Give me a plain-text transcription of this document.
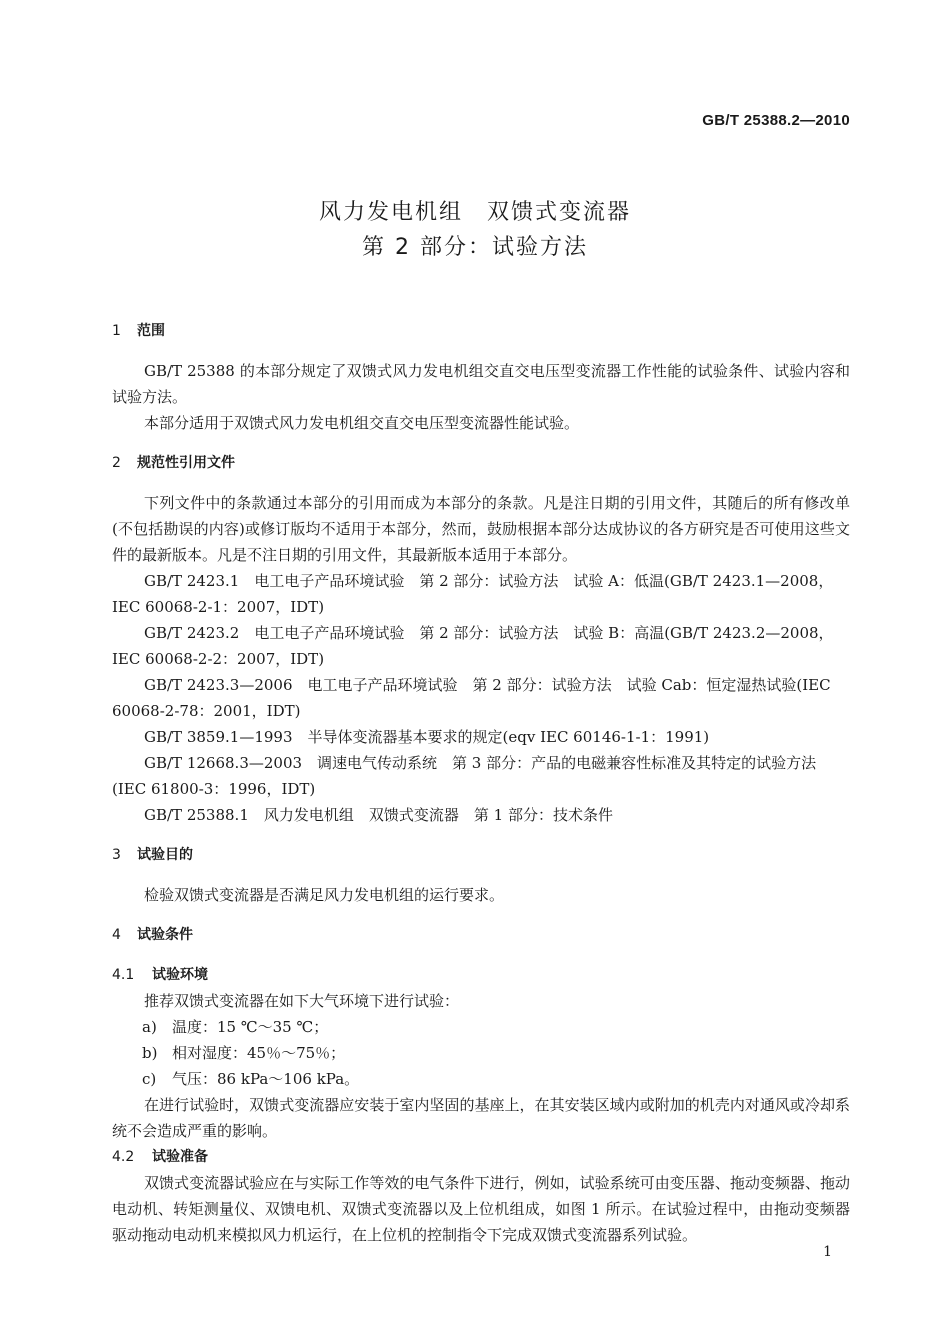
GB/T 25388.2—2010
风力发电机组　双馈式变流器
第 2 部分：试验方法
1 范围

GB/T 25388 的本部分规定了双馈式风力发电机组交直交电压型变流器工作性能的试验条件、试验内容和试验方法。

本部分适用于双馈式风力发电机组交直交电压型变流器性能试验。

2 规范性引用文件

下列文件中的条款通过本部分的引用而成为本部分的条款。凡是注日期的引用文件，其随后的所有修改单(不包括勘误的内容)或修订版均不适用于本部分，然而，鼓励根据本部分达成协议的各方研究是否可使用这些文件的最新版本。凡是不注日期的引用文件，其最新版本适用于本部分。

GB/T 2423.1　电工电子产品环境试验　第 2 部分：试验方法　试验 A：低温(GB/T 2423.1—2008，IEC 60068-2-1：2007，IDT)

GB/T 2423.2　电工电子产品环境试验　第 2 部分：试验方法　试验 B：高温(GB/T 2423.2—2008，IEC 60068-2-2：2007，IDT)

GB/T 2423.3—2006　电工电子产品环境试验　第 2 部分：试验方法　试验 Cab：恒定湿热试验(IEC 60068-2-78：2001，IDT)

GB/T 3859.1—1993　半导体变流器基本要求的规定(eqv IEC 60146-1-1：1991)

GB/T 12668.3—2003　调速电气传动系统　第 3 部分：产品的电磁兼容性标准及其特定的试验方法(IEC 61800-3：1996，IDT)

GB/T 25388.1　风力发电机组　双馈式变流器　第 1 部分：技术条件

3 试验目的

检验双馈式变流器是否满足风力发电机组的运行要求。

4 试验条件
4.1 试验环境

推荐双馈式变流器在如下大气环境下进行试验：

a) 温度：15 ℃～35 ℃；
b) 相对湿度：45％～75％；
c) 气压：86 kPa～106 kPa。

在进行试验时，双馈式变流器应安装于室内坚固的基座上，在其安装区域内或附加的机壳内对通风或冷却系统不会造成严重的影响。

4.2 试验准备

双馈式变流器试验应在与实际工作等效的电气条件下进行，例如，试验系统可由变压器、拖动变频器、拖动电动机、转矩测量仪、双馈电机、双馈式变流器以及上位机组成，如图 1 所示。在试验过程中，由拖动变频器驱动拖动电动机来模拟风力机运行，在上位机的控制指令下完成双馈式变流器系列试验。

1
